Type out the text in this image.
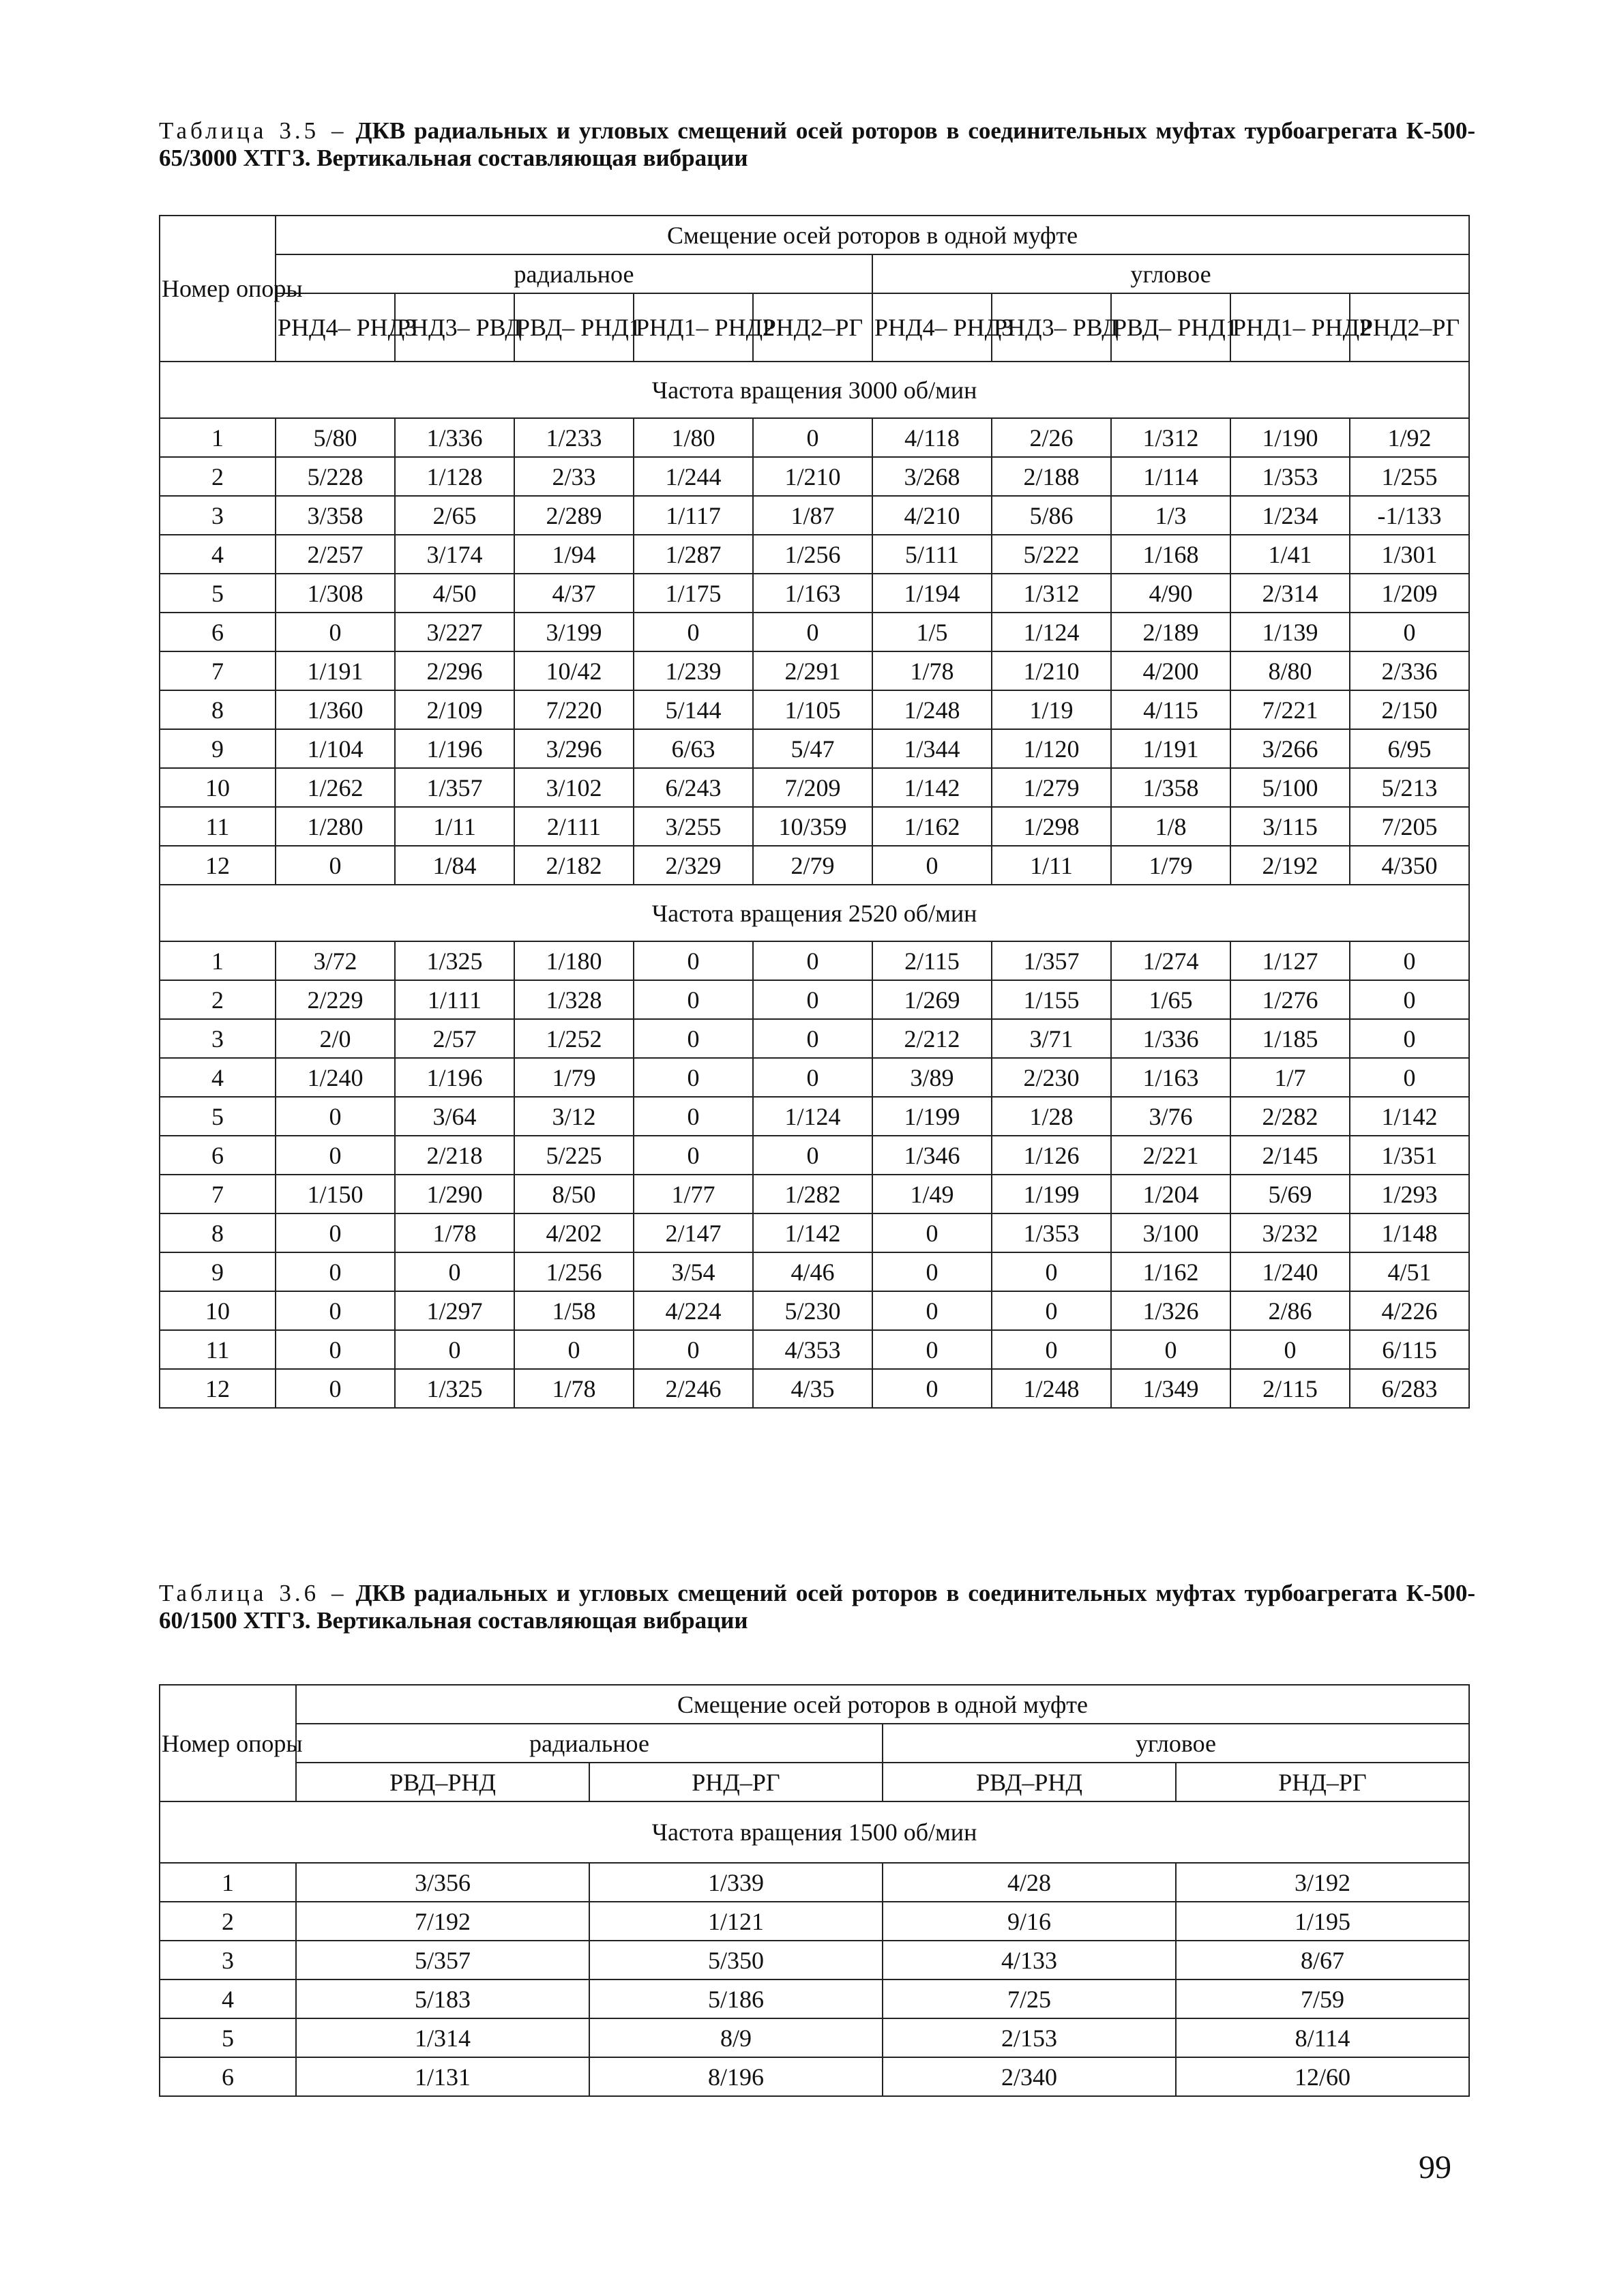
Таблица 3.5 – ДКВ радиальных и угловых смещений осей роторов в соединительных муфтах турбоагрегата К-500-65/3000 ХТГЗ. Вертикальная составляющая вибрации
Номер опоры	Смещение осей роторов в одной муфте									
	радиальное					угловое				
	РНД4– РНД3	РНД3– РВД	РВД– РНД1	РНД1– РНД2	РНД2–РГ	РНД4– РНД3	РНД3– РВД	РВД– РНД1	РНД1– РНД2	РНД2–РГ
Частота вращения 3000 об/мин										
1	5/80	1/336	1/233	1/80	0	4/118	2/26	1/312	1/190	1/92
2	5/228	1/128	2/33	1/244	1/210	3/268	2/188	1/114	1/353	1/255
3	3/358	2/65	2/289	1/117	1/87	4/210	5/86	1/3	1/234	-1/133
4	2/257	3/174	1/94	1/287	1/256	5/111	5/222	1/168	1/41	1/301
5	1/308	4/50	4/37	1/175	1/163	1/194	1/312	4/90	2/314	1/209
6	0	3/227	3/199	0	0	1/5	1/124	2/189	1/139	0
7	1/191	2/296	10/42	1/239	2/291	1/78	1/210	4/200	8/80	2/336
8	1/360	2/109	7/220	5/144	1/105	1/248	1/19	4/115	7/221	2/150
9	1/104	1/196	3/296	6/63	5/47	1/344	1/120	1/191	3/266	6/95
10	1/262	1/357	3/102	6/243	7/209	1/142	1/279	1/358	5/100	5/213
11	1/280	1/11	2/111	3/255	10/359	1/162	1/298	1/8	3/115	7/205
12	0	1/84	2/182	2/329	2/79	0	1/11	1/79	2/192	4/350
Частота вращения 2520 об/мин										
1	3/72	1/325	1/180	0	0	2/115	1/357	1/274	1/127	0
2	2/229	1/111	1/328	0	0	1/269	1/155	1/65	1/276	0
3	2/0	2/57	1/252	0	0	2/212	3/71	1/336	1/185	0
4	1/240	1/196	1/79	0	0	3/89	2/230	1/163	1/7	0
5	0	3/64	3/12	0	1/124	1/199	1/28	3/76	2/282	1/142
6	0	2/218	5/225	0	0	1/346	1/126	2/221	2/145	1/351
7	1/150	1/290	8/50	1/77	1/282	1/49	1/199	1/204	5/69	1/293
8	0	1/78	4/202	2/147	1/142	0	1/353	3/100	3/232	1/148
9	0	0	1/256	3/54	4/46	0	0	1/162	1/240	4/51
10	0	1/297	1/58	4/224	5/230	0	0	1/326	2/86	4/226
11	0	0	0	0	4/353	0	0	0	0	6/115
12	0	1/325	1/78	2/246	4/35	0	1/248	1/349	2/115	6/283
Таблица 3.6 – ДКВ радиальных и угловых смещений осей роторов в соединительных муфтах турбоагрегата К-500-60/1500 ХТГЗ. Вертикальная составляющая вибрации
Номер опоры	Смещение осей роторов в одной муфте			
	радиальное		угловое	
	РВД–РНД	РНД–РГ	РВД–РНД	РНД–РГ
Частота вращения 1500 об/мин				
1	3/356	1/339	4/28	3/192
2	7/192	1/121	9/16	1/195
3	5/357	5/350	4/133	8/67
4	5/183	5/186	7/25	7/59
5	1/314	8/9	2/153	8/114
6	1/131	8/196	2/340	12/60
99
